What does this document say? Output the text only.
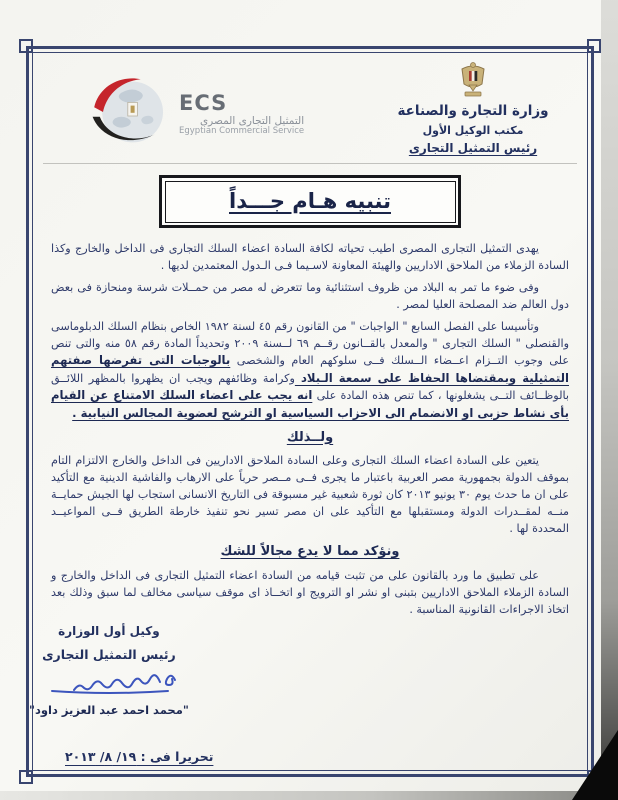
ECS
التمثيل التجارى المصرى
Egyptian Commercial Service
وزارة التجارة والصناعة
مكتب الوكيل الأول
رئيس التمثيل التجارى
تنبيه هـام جـــداً

يهدى التمثيل التجارى المصرى اطيب تحياته لكافة السادة اعضاء السلك التجارى فى الداخل والخارج وكذا السادة الزملاء من الملاحق الاداريين والهيئة المعاونة لاسـيما فـى الـدول المعتمدين لديها .

وفى ضوء ما تمر به البلاد من ظروف استثنائية وما تتعرض له مصر من حمــلات شرسة ومنحازة فى بعض دول العالم ضد المصلحة العليا لمصر .

وتأسيسا على الفصل السابع " الواجبات " من القانون رقم ٤٥ لسنة ١٩٨٢ الخاص بنظام السلك الدبلوماسى والقنصلى " السلك التجارى " والمعدل بالقــانون رقــم ٦٩ لــسنة ٢٠٠٩ وتحديداً المادة رقم ٥٨ منه والتى تنص على وجوب التــزام اعــضاء الــسلك فــى سلوكهم العام والشخصى بالوجبات التى تفرضها صفتهم التمثيلية وبمقتضاها الحفاظ على سمعة الـبلاد وكرامة وظائفهم ويجب ان يظهروا بالمظهر اللائــق بالوظــائف التــى يشغلونها ، كما تنص هذه المادة على انه يجب على اعضاء السلك الامتناع عن القيام بأى نشاط حزبى او الانضمام الى الاحزاب السياسية او الترشح لعضوية المجالس النيابية .

ولــذلك

يتعين على السادة اعضاء السلك التجارى وعلى السادة الملاحق الاداريين فى الداخل والخارج الالتزام التام بموقف الدولة بجمهورية مصر العربية باعتبار ما يجرى فــى مــصر حرباً على الارهاب والفاشية الدينية مع التأكيد على ان ما حدث يوم ٣٠ يونيو ٢٠١٣ كان ثورة شعبية غير مسبوقة فى التاريخ الانسانى استجاب لها الجيش حمايــة منــه لمقــدرات الدولة ومستقبلها مع التأكيد على ان مصر تسير نحو تنفيذ خارطة الطريق فــى المواعيــد المحددة لها .

ونؤكد مما لا يدع مجالاً للشك

على تطبيق ما ورد بالقانون على من تثبت قيامه من السادة اعضاء التمثيل التجارى فى الداخل والخارج و السادة الزملاء الملاحق الاداريين بتبنى او نشر او الترويج او اتخــاذ اى موقف سياسى مخالف لما سبق وذلك بعد اتخاذ الاجراءات القانونية المناسبة .

وكيل أول الوزارة
رئيس التمثيل التجارى
"محمد احمد عبد العزيز داود"
تحريرا فى : ١٩/ ٨/ ٢٠١٣
